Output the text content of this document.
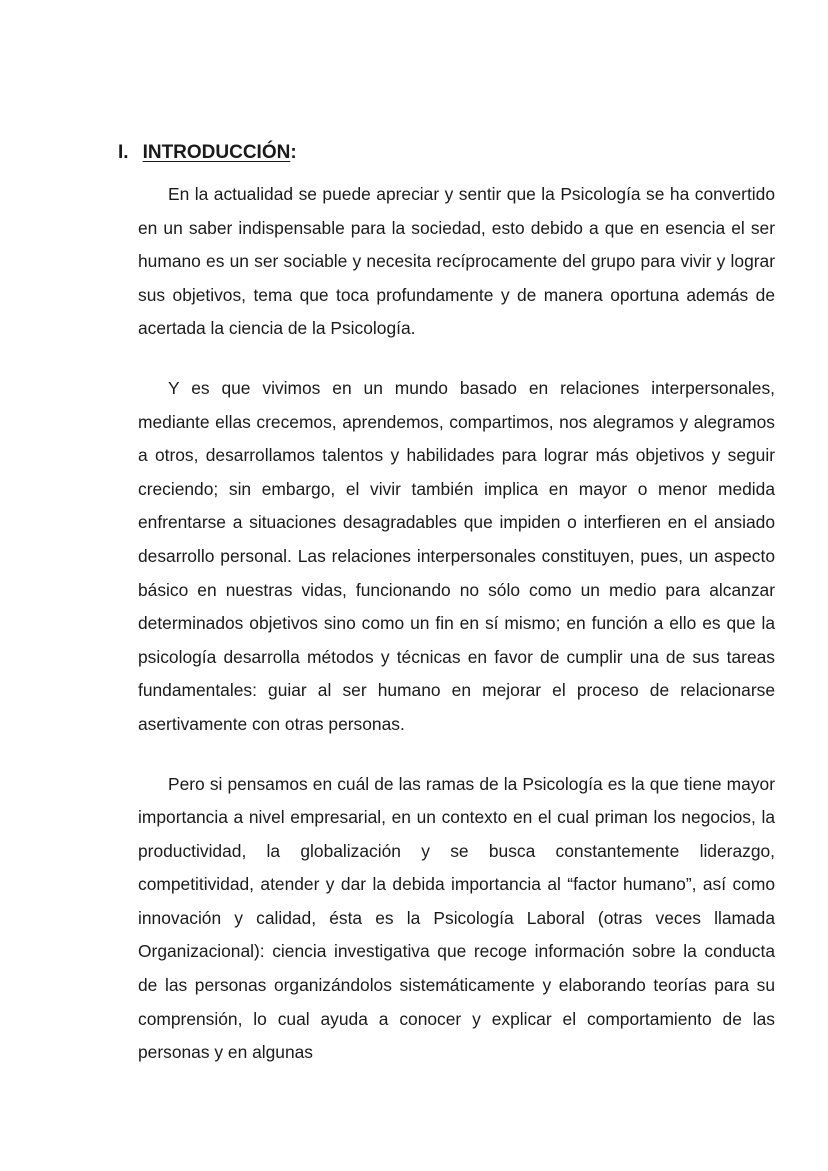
I. INTRODUCCIÓN:

En la actualidad se puede apreciar y sentir que la Psicología se ha convertido en un saber indispensable para la sociedad, esto debido a que en esencia el ser humano es un ser sociable y necesita recíprocamente del grupo para vivir y lograr sus objetivos, tema que toca profundamente y de manera oportuna además de acertada la ciencia de la Psicología.

Y es que vivimos en un mundo basado en relaciones interpersonales, mediante ellas crecemos, aprendemos, compartimos, nos alegramos y alegramos a otros, desarrollamos talentos y habilidades para lograr más objetivos y seguir creciendo; sin embargo, el vivir también implica en mayor o menor medida enfrentarse a situaciones desagradables que impiden o interfieren en el ansiado desarrollo personal. Las relaciones interpersonales constituyen, pues, un aspecto básico en nuestras vidas, funcionando no sólo como un medio para alcanzar determinados objetivos sino como un fin en sí mismo; en función a ello es que la psicología desarrolla métodos y técnicas en favor de cumplir una de sus tareas fundamentales: guiar al ser humano en mejorar el proceso de relacionarse asertivamente con otras personas.

Pero si pensamos en cuál de las ramas de la Psicología es la que tiene mayor importancia a nivel empresarial, en un contexto en el cual priman los negocios, la productividad, la globalización y se busca constantemente liderazgo, competitividad, atender y dar la debida importancia al “factor humano”, así como innovación y calidad, ésta es la Psicología Laboral (otras veces llamada Organizacional): ciencia investigativa que recoge información sobre la conducta de las personas organizándolos sistemáticamente y elaborando teorías para su comprensión, lo cual ayuda a conocer y explicar el comportamiento de las personas y en algunas
